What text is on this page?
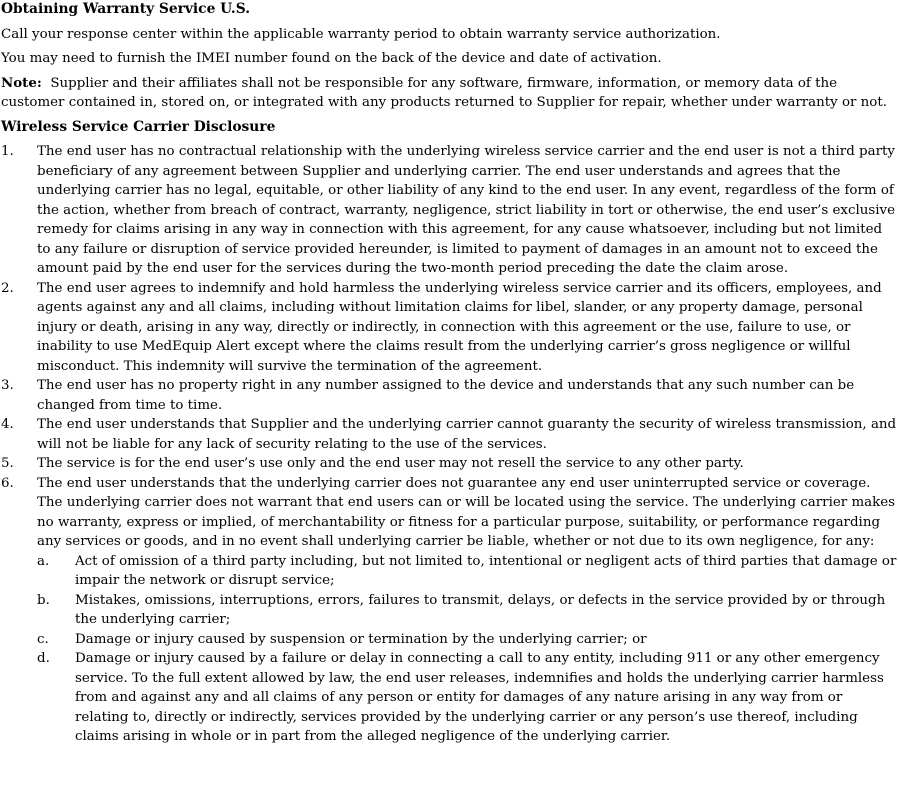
Obtaining Warranty Service U.S.

Call your response center within the applicable warranty period to obtain warranty service authorization.

You may need to furnish the IMEI number found on the back of the device and date of activation.

Note: Supplier and their affiliates shall not be responsible for any software, firmware, information, or memory data of the customer contained in, stored on, or integrated with any products returned to Supplier for repair, whether under warranty or not.

Wireless Service Carrier Disclosure
1. The end user has no contractual relationship with the underlying wireless service carrier and the end user is not a third party beneficiary of any agreement between Supplier and underlying carrier. The end user understands and agrees that the underlying carrier has no legal, equitable, or other liability of any kind to the end user. In any event, regardless of the form of the action, whether from breach of contract, warranty, negligence, strict liability in tort or otherwise, the end user’s exclusive remedy for claims arising in any way in connection with this agreement, for any cause whatsoever, including but not limited to any failure or disruption of service provided hereunder, is limited to payment of damages in an amount not to exceed the amount paid by the end user for the services during the two-month period preceding the date the claim arose.
2. The end user agrees to indemnify and hold harmless the underlying wireless service carrier and its officers, employees, and agents against any and all claims, including without limitation claims for libel, slander, or any property damage, personal injury or death, arising in any way, directly or indirectly, in connection with this agreement or the use, failure to use, or inability to use MedEquip Alert except where the claims result from the underlying carrier’s gross negligence or willful misconduct. This indemnity will survive the termination of the agreement.
3. The end user has no property right in any number assigned to the device and understands that any such number can be changed from time to time.
4. The end user understands that Supplier and the underlying carrier cannot guaranty the security of wireless transmission, and will not be liable for any lack of security relating to the use of the services.
5. The service is for the end user’s use only and the end user may not resell the service to any other party.
6. The end user understands that the underlying carrier does not guarantee any end user uninterrupted service or coverage. The underlying carrier does not warrant that end users can or will be located using the service. The underlying carrier makes no warranty, express or implied, of merchantability or fitness for a particular purpose, suitability, or performance regarding any services or goods, and in no event shall underlying carrier be liable, whether or not due to its own negligence, for any:
a. Act of omission of a third party including, but not limited to, intentional or negligent acts of third parties that damage or impair the network or disrupt service;
b. Mistakes, omissions, interruptions, errors, failures to transmit, delays, or defects in the service provided by or through the underlying carrier;
c. Damage or injury caused by suspension or termination by the underlying carrier; or
d. Damage or injury caused by a failure or delay in connecting a call to any entity, including 911 or any other emergency service. To the full extent allowed by law, the end user releases, indemnifies and holds the underlying carrier harmless from and against any and all claims of any person or entity for damages of any nature arising in any way from or relating to, directly or indirectly, services provided by the underlying carrier or any person’s use thereof, including claims arising in whole or in part from the alleged negligence of the underlying carrier.
